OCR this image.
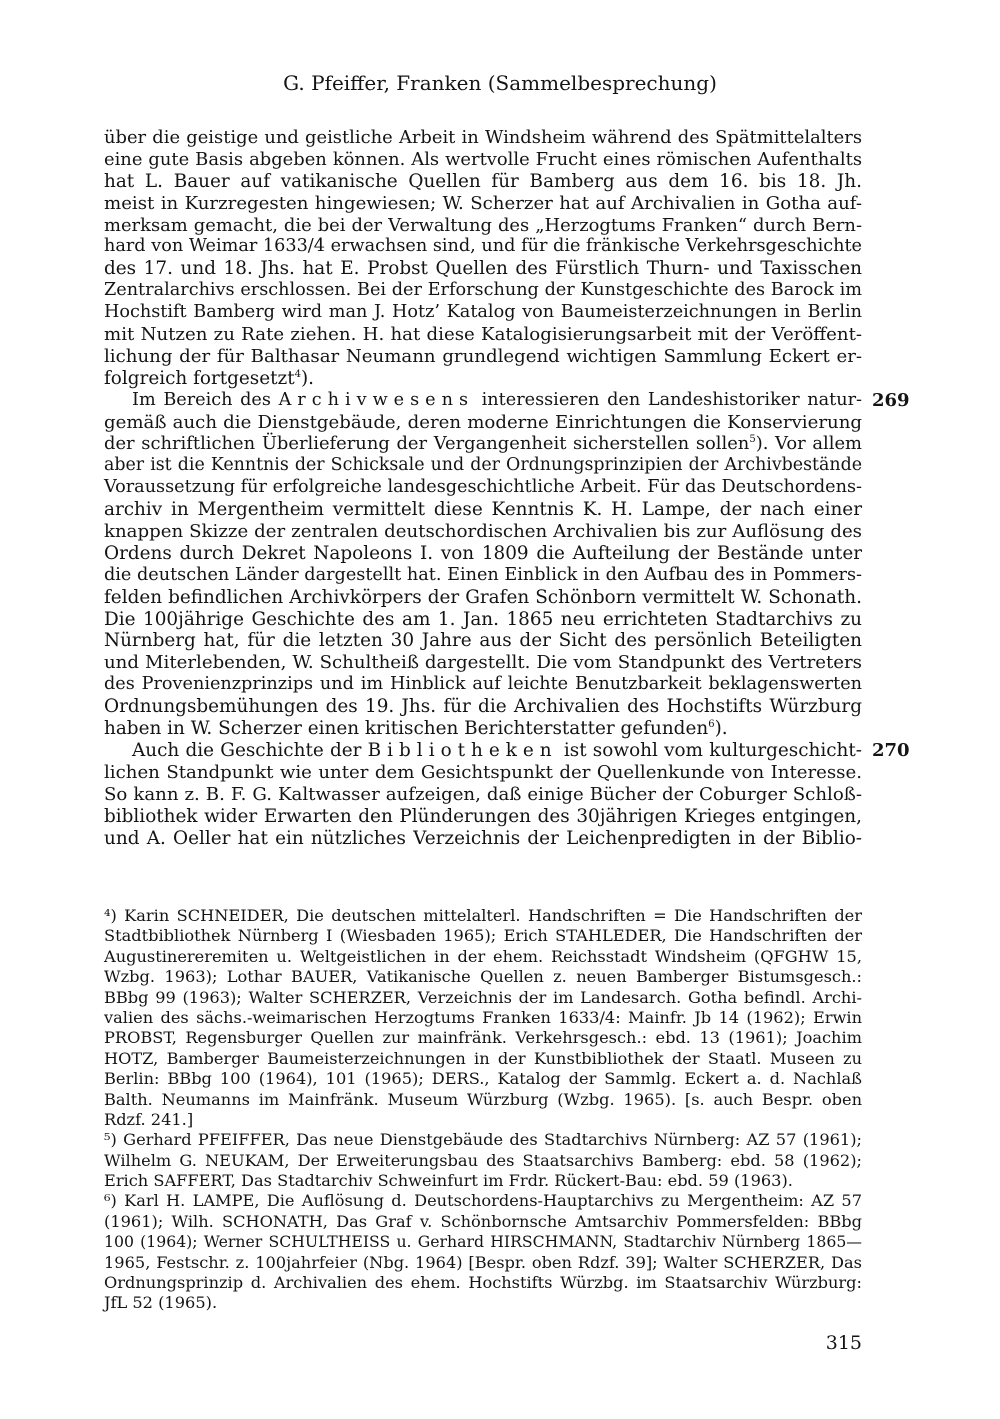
G. Pfeiffer, Franken (Sammelbesprechung)
über die geistige und geistliche Arbeit in Windsheim während des Spätmittelalters
eine gute Basis abgeben können. Als wertvolle Frucht eines römischen Aufenthalts
hat L. Bauer auf vatikanische Quellen für Bamberg aus dem 16. bis 18. Jh.
meist in Kurzregesten hingewiesen; W. Scherzer hat auf Archivalien in Gotha auf-
merksam gemacht, die bei der Verwaltung des „Herzogtums Franken“ durch Bern-
hard von Weimar 1633/4 erwachsen sind, und für die fränkische Verkehrsgeschichte
des 17. und 18. Jhs. hat E. Probst Quellen des Fürstlich Thurn- und Taxisschen
Zentralarchivs erschlossen. Bei der Erforschung der Kunstgeschichte des Barock im
Hochstift Bamberg wird man J. Hotz’ Katalog von Baumeisterzeichnungen in Berlin
mit Nutzen zu Rate ziehen. H. hat diese Katalogisierungsarbeit mit der Veröffent-
lichung der für Balthasar Neumann grundlegend wichtigen Sammlung Eckert er-
folgreich fortgesetzt$^4$).
Im Bereich des Archivwesens interessieren den Landeshistoriker natur- 269
gemäß auch die Dienstgebäude, deren moderne Einrichtungen die Konservierung
der schriftlichen Überlieferung der Vergangenheit sicherstellen sollen$^5$). Vor allem
aber ist die Kenntnis der Schicksale und der Ordnungsprinzipien der Archivbestände
Voraussetzung für erfolgreiche landesgeschichtliche Arbeit. Für das Deutschordens-
archiv in Mergentheim vermittelt diese Kenntnis K. H. Lampe, der nach einer
knappen Skizze der zentralen deutschordischen Archivalien bis zur Auflösung des
Ordens durch Dekret Napoleons I. von 1809 die Aufteilung der Bestände unter
die deutschen Länder dargestellt hat. Einen Einblick in den Aufbau des in Pommers-
felden befindlichen Archivkörpers der Grafen Schönborn vermittelt W. Schonath.
Die 100jährige Geschichte des am 1. Jan. 1865 neu errichteten Stadtarchivs zu
Nürnberg hat, für die letzten 30 Jahre aus der Sicht des persönlich Beteiligten
und Miterlebenden, W. Schultheiß dargestellt. Die vom Standpunkt des Vertreters
des Provenienzprinzips und im Hinblick auf leichte Benutzbarkeit beklagenswerten
Ordnungsbemühungen des 19. Jhs. für die Archivalien des Hochstifts Würzburg
haben in W. Scherzer einen kritischen Berichterstatter gefunden$^6$).
Auch die Geschichte der Bibliotheken ist sowohl vom kulturgeschicht- 270
lichen Standpunkt wie unter dem Gesichtspunkt der Quellenkunde von Interesse.
So kann z. B. F. G. Kaltwasser aufzeigen, daß einige Bücher der Coburger Schloß-
bibliothek wider Erwarten den Plünderungen des 30jährigen Krieges entgingen,
und A. Oeller hat ein nützliches Verzeichnis der Leichenpredigten in der Biblio-
⁴) Karin SCHNEIDER, Die deutschen mittelalterl. Handschriften = Die Handschriften der
Stadtbibliothek Nürnberg I (Wiesbaden 1965); Erich STAHLEDER, Die Handschriften der
Augustinereremiten u. Weltgeistlichen in der ehem. Reichsstadt Windsheim (QFGHW 15,
Wzbg. 1963); Lothar BAUER, Vatikanische Quellen z. neuen Bamberger Bistumsgesch.:
BBbg 99 (1963); Walter SCHERZER, Verzeichnis der im Landesarch. Gotha befindl. Archi-
valien des sächs.-weimarischen Herzogtums Franken 1633/4: Mainfr. Jb 14 (1962); Erwin
PROBST, Regensburger Quellen zur mainfränk. Verkehrsgesch.: ebd. 13 (1961); Joachim
HOTZ, Bamberger Baumeisterzeichnungen in der Kunstbibliothek der Staatl. Museen zu
Berlin: BBbg 100 (1964), 101 (1965); DERS., Katalog der Sammlg. Eckert a. d. Nachlaß
Balth. Neumanns im Mainfränk. Museum Würzburg (Wzbg. 1965). [s. auch Bespr. oben
Rdzf. 241.]
⁵) Gerhard PFEIFFER, Das neue Dienstgebäude des Stadtarchivs Nürnberg: AZ 57 (1961);
Wilhelm G. NEUKAM, Der Erweiterungsbau des Staatsarchivs Bamberg: ebd. 58 (1962);
Erich SAFFERT, Das Stadtarchiv Schweinfurt im Frdr. Rückert-Bau: ebd. 59 (1963).
⁶) Karl H. LAMPE, Die Auflösung d. Deutschordens-Hauptarchivs zu Mergentheim: AZ 57
(1961); Wilh. SCHONATH, Das Graf v. Schönbornsche Amtsarchiv Pommersfelden: BBbg
100 (1964); Werner SCHULTHEISS u. Gerhard HIRSCHMANN, Stadtarchiv Nürnberg 1865—
1965, Festschr. z. 100jahrfeier (Nbg. 1964) [Bespr. oben Rdzf. 39]; Walter SCHERZER, Das
Ordnungsprinzip d. Archivalien des ehem. Hochstifts Würzbg. im Staatsarchiv Würzburg:
JfL 52 (1965).
315
